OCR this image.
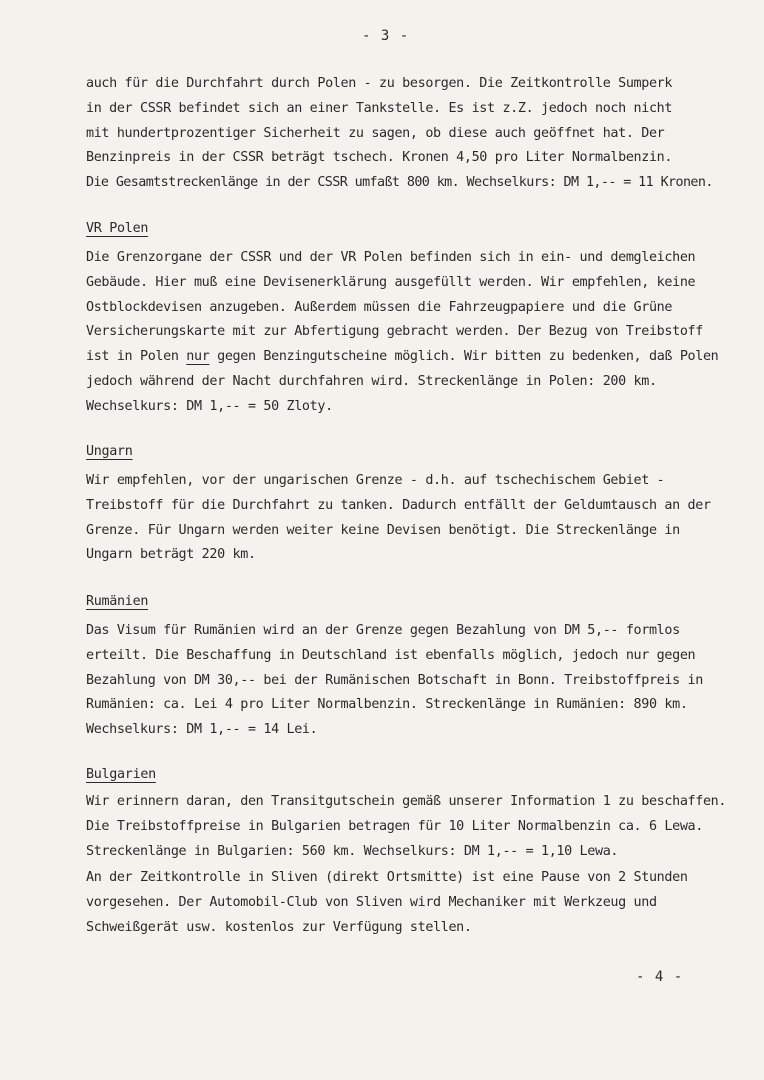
- 3 -
auch für die Durchfahrt durch Polen - zu besorgen. Die Zeitkontrolle Sumperk
in der CSSR befindet sich an einer Tankstelle. Es ist z.Z. jedoch noch nicht
mit hundertprozentiger Sicherheit zu sagen, ob diese auch geöffnet hat. Der
Benzinpreis in der CSSR beträgt tschech. Kronen 4,50 pro Liter Normalbenzin.
Die Gesamtstreckenlänge in der CSSR umfaßt 800 km. Wechselkurs: DM 1,-- = 11 Kronen.
VR Polen
Die Grenzorgane der CSSR und der VR Polen befinden sich in ein- und demgleichen
Gebäude. Hier muß eine Devisenerklärung ausgefüllt werden. Wir empfehlen, keine
Ostblockdevisen anzugeben. Außerdem müssen die Fahrzeugpapiere und die Grüne
Versicherungskarte mit zur Abfertigung gebracht werden. Der Bezug von Treibstoff
ist in Polen nur gegen Benzingutscheine möglich. Wir bitten zu bedenken, daß Polen
jedoch während der Nacht durchfahren wird. Streckenlänge in Polen: 200 km.
Wechselkurs: DM 1,-- = 50 Zloty.
Ungarn
Wir empfehlen, vor der ungarischen Grenze - d.h. auf tschechischem Gebiet -
Treibstoff für die Durchfahrt zu tanken. Dadurch entfällt der Geldumtausch an der
Grenze. Für Ungarn werden weiter keine Devisen benötigt. Die Streckenlänge in
Ungarn beträgt 220 km.
Rumänien
Das Visum für Rumänien wird an der Grenze gegen Bezahlung von DM 5,-- formlos
erteilt. Die Beschaffung in Deutschland ist ebenfalls möglich, jedoch nur gegen
Bezahlung von DM 30,-- bei der Rumänischen Botschaft in Bonn. Treibstoffpreis in
Rumänien: ca. Lei 4 pro Liter Normalbenzin. Streckenlänge in Rumänien: 890 km.
Wechselkurs: DM 1,-- = 14 Lei.
Bulgarien
Wir erinnern daran, den Transitgutschein gemäß unserer Information 1 zu beschaffen.
Die Treibstoffpreise in Bulgarien betragen für 10 Liter Normalbenzin ca. 6 Lewa.
Streckenlänge in Bulgarien: 560 km. Wechselkurs: DM 1,-- = 1,10 Lewa.
An der Zeitkontrolle in Sliven (direkt Ortsmitte) ist eine Pause von 2 Stunden
vorgesehen. Der Automobil-Club von Sliven wird Mechaniker mit Werkzeug und
Schweißgerät usw. kostenlos zur Verfügung stellen.
- 4 -
